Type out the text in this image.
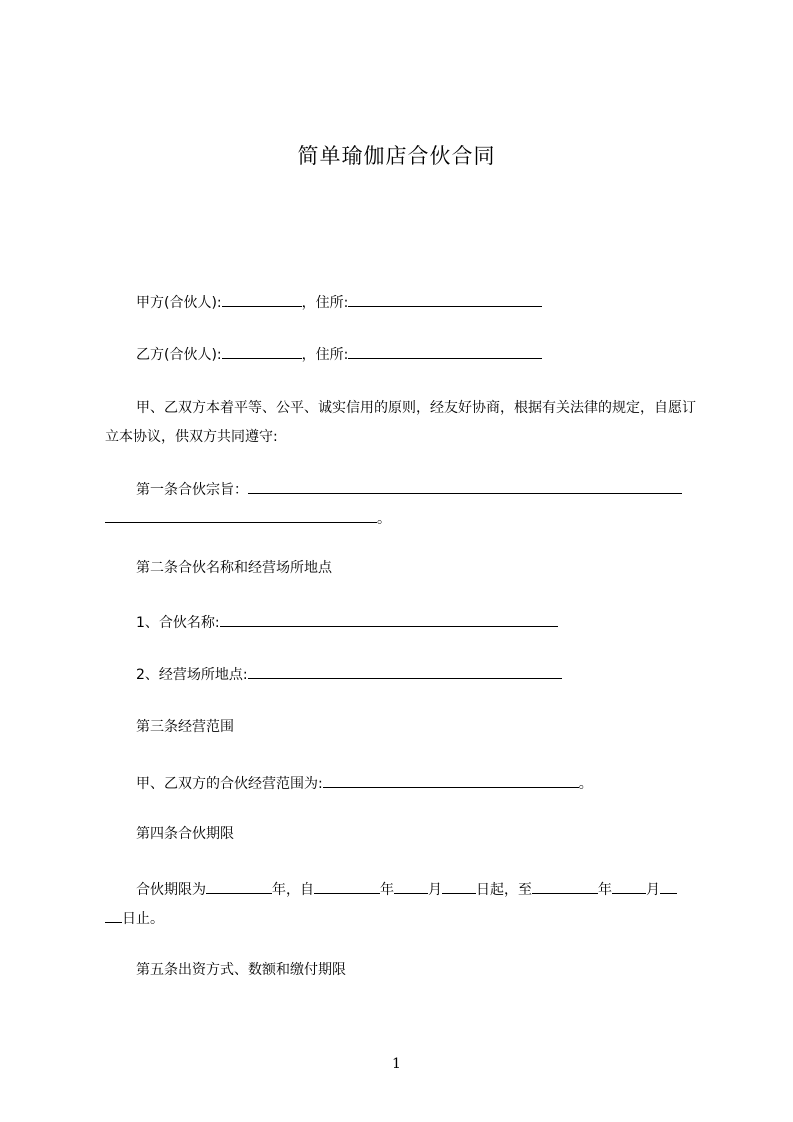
简单瑜伽店合伙合同
甲方(合伙人):	，住所:
乙方(合伙人):	，住所:
甲、乙双方本着平等、公平、诚实信用的原则，经友好协商，根据有关法律的规定，自愿订立本协议，供双方共同遵守:
第一条合伙宗旨：
。
第二条合伙名称和经营场所地点
1、合伙名称:
2、经营场所地点:
第三条经营范围
甲、乙双方的合伙经营范围为:	。
第四条合伙期限
合伙期限为	年，自	年 月 日起，至	年 月
日止。
第五条出资方式、数额和缴付期限
1
